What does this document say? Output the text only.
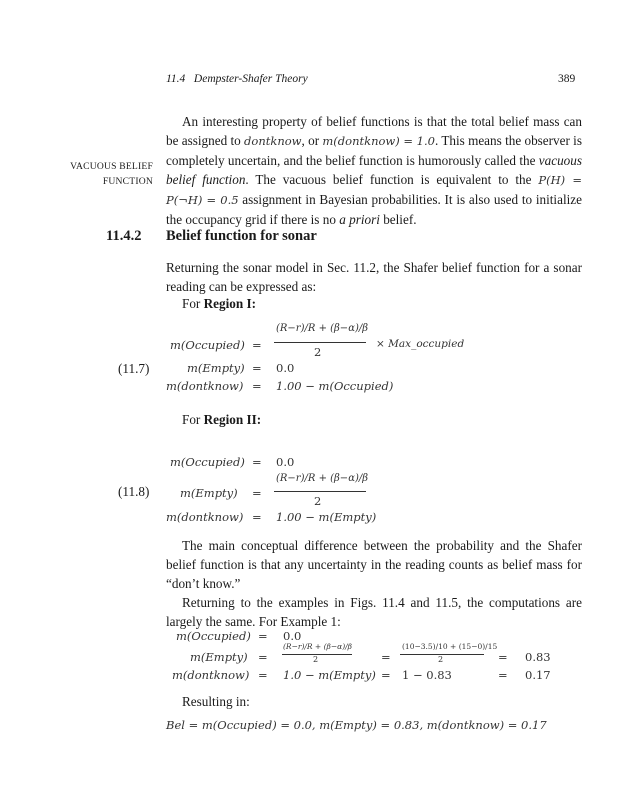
11.4 Dempster-Shafer Theory	389

An interesting property of belief functions is that the total belief mass can be assigned to dontknow, or m(dontknow) = 1.0. This means the observer is completely uncertain, and the belief function is humorously called the vacuous belief function. The vacuous belief function is equivalent to the P(H) = P(¬H) = 0.5 assignment in Bayesian probabilities. It is also used to initialize the occupancy grid if there is no a priori belief.

VACUOUS BELIEF
FUNCTION
11.4.2 Belief function for sonar

Returning the sonar model in Sec. 11.2, the Shafer belief function for a sonar reading can be expressed as:

For Region I:
(11.7)
m(Occupied) =
(R−r)/R + (β−α)/β
2
× Max_occupied
m(Empty) = 0.0
m(dontknow) = 1.00 − m(Occupied)
For Region II:
(11.8)
m(Occupied) = 0.0
m(Empty) =
(R−r)/R + (β−α)/β
2
m(dontknow) = 1.00 − m(Empty)

The main conceptual difference between the probability and the Shafer belief function is that any uncertainty in the reading counts as belief mass for “don’t know.”

Returning to the examples in Figs. 11.4 and 11.5, the computations are largely the same. For Example 1:

m(Occupied) = 0.0
m(Empty) =
(R−r)/R + (β−α)/β
2	=
(10−3.5)/10 + (15−0)/15
2	= 0.83
m(dontknow) = 1.0 − m(Empty) = 1 − 0.83	= 0.17
Resulting in:
Bel = m(Occupied) = 0.0, m(Empty) = 0.83, m(dontknow) = 0.17
